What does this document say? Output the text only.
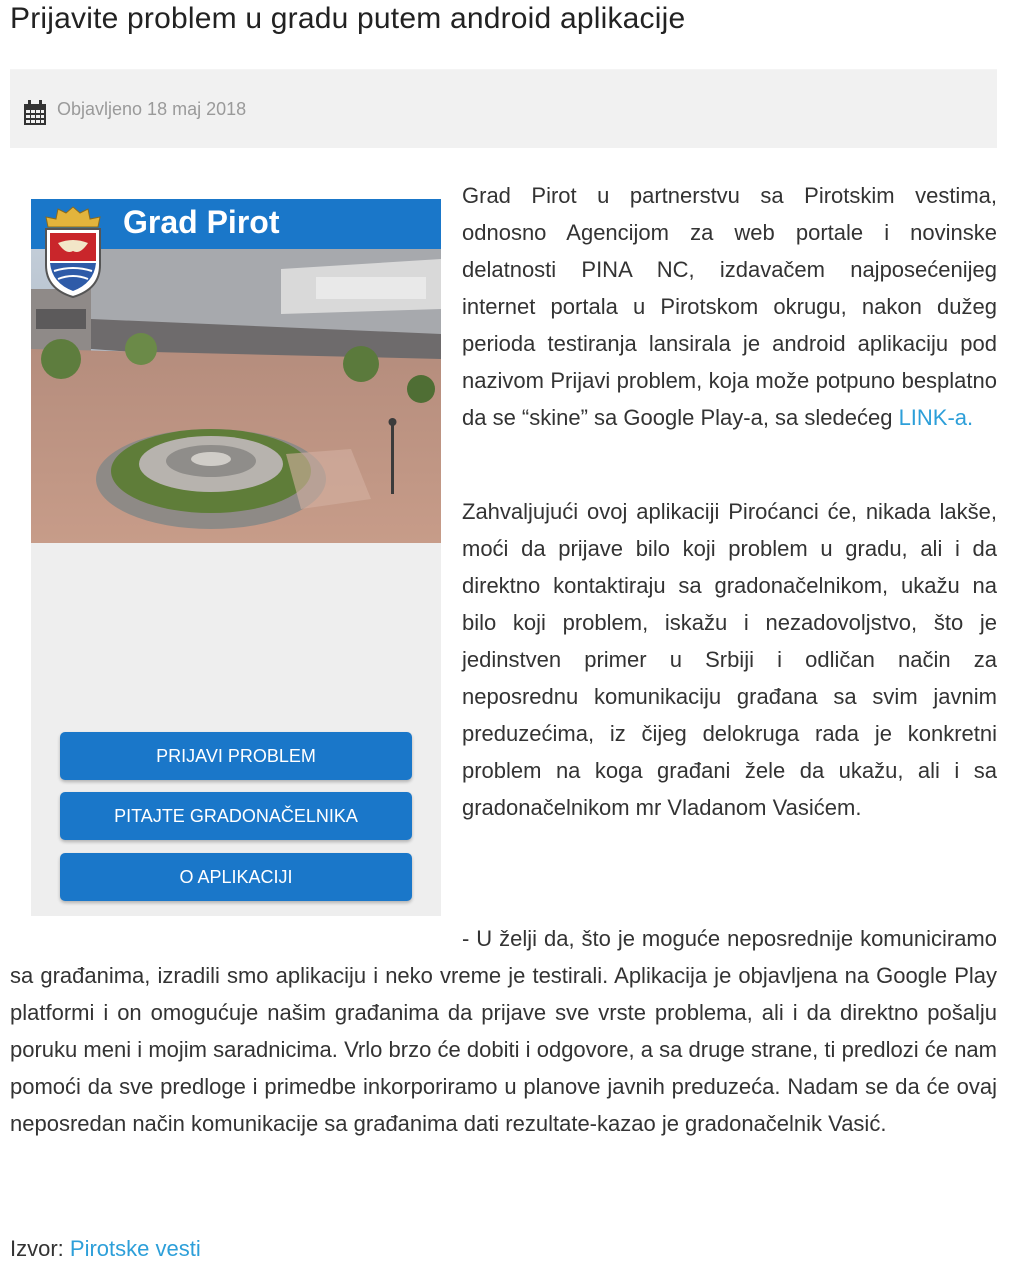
Prijavite problem u gradu putem android aplikacije
Objavljeno 18 maj 2018
Grad Pirot
PRIJAVI PROBLEM
PITAJTE GRADONAČELNIKA
O APLIKACIJI

Grad Pirot u partnerstvu sa Pirotskim vestima, odnosno Agencijom za web portale i novinske delatnosti PINA NC, izdavačem najposećenijeg internet portala u Pirotskom okrugu, nakon dužeg perioda testiranja lansirala je android aplikaciju pod nazivom Prijavi problem, koja može potpuno besplatno da se “skine” sa Google Play-a, sa sledećeg LINK-a.

Zahvaljujući ovoj aplikaciji Piroćanci će, nikada lakše, moći da prijave bilo koji problem u gradu, ali i da direktno kontaktiraju sa gradonačelnikom, ukažu na bilo koji problem, iskažu i nezadovoljstvo, što je jedinstven primer u Srbiji i odličan način za neposrednu komunikaciju građana sa svim javnim preduzećima, iz čijeg delokruga rada je konkretni problem na koga građani žele da ukažu, ali i sa gradonačelnikom mr Vladanom Vasićem.

- U želji da, što je moguće neposrednije komuniciramo sa građanima, izradili smo aplikaciju i neko vreme je testirali. Aplikacija je objavljena na Google Play platformi i on omogućuje našim građanima da prijave sve vrste problema, ali i da direktno pošalju poruku meni i mojim saradnicima. Vrlo brzo će dobiti i odgovore, a sa druge strane, ti predlozi će nam pomoći da sve predloge i primedbe inkorporiramo u planove javnih preduzeća. Nadam se da će ovaj neposredan način komunikacije sa građanima dati rezultate-kazao je gradonačelnik Vasić.

Izvor: Pirotske vesti
